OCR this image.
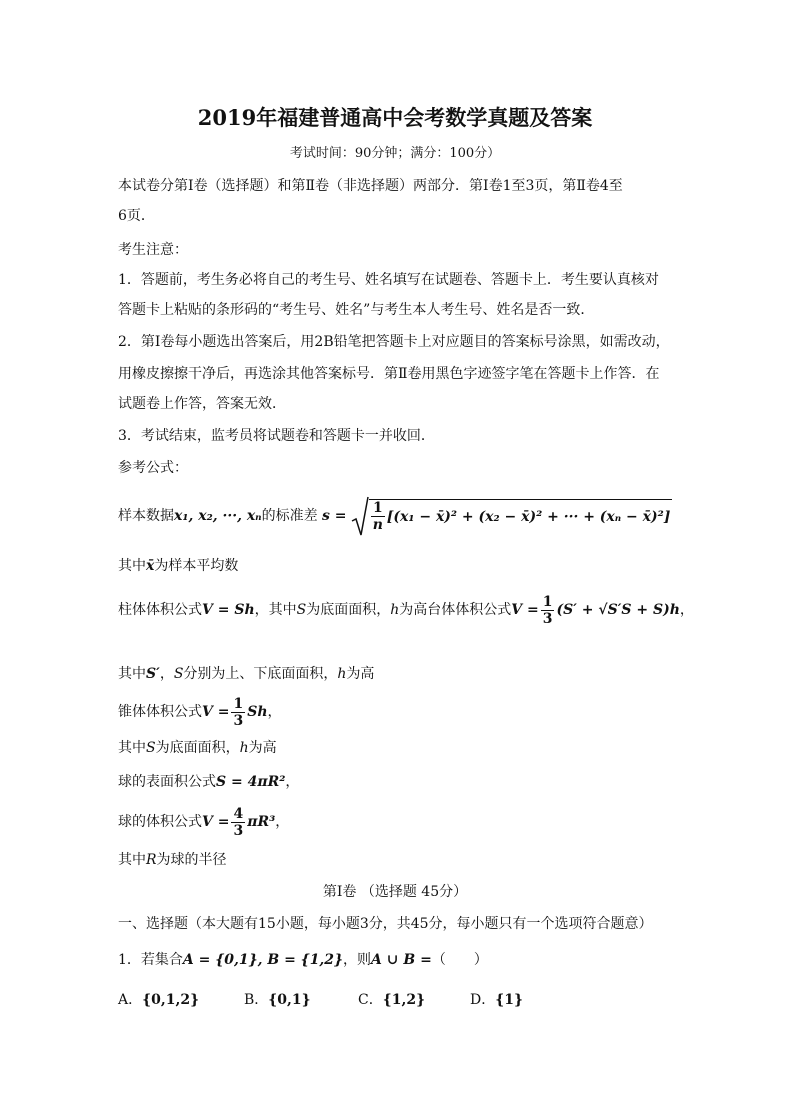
2019年福建普通高中会考数学真题及答案
考试时间：90分钟；满分：100分）
本试卷分第Ⅰ卷（选择题）和第Ⅱ卷（非选择题）两部分．第Ⅰ卷1至3页，第Ⅱ卷4至
6页．
考生注意：
1．答题前，考生务必将自己的考生号、姓名填写在试题卷、答题卡上．考生要认真核对
答题卡上粘贴的条形码的“考生号、姓名”与考生本人考生号、姓名是否一致．
2．第Ⅰ卷每小题选出答案后，用2B铅笔把答题卡上对应题目的答案标号涂黑，如需改动，
用橡皮擦擦干净后，再选涂其他答案标号．第Ⅱ卷用黑色字迹签字笔在答题卡上作答．在
试题卷上作答，答案无效．
3．考试结束，监考员将试题卷和答题卡一并收回．
参考公式：
样本数据x₁, x₂, ···, xₙ的标准差 $s = \frac{1}{n} [(x_1$ − x̄)² + (x₂ − x̄)² + ··· + (xₙ − x̄)²]
其中x̄为样本平均数
柱体体积公式V = Sh，其中S为底面面积，h为高台体体积公式$V = \frac{1}{3} (S' + √S'S + S)h$，
其中S′，S分别为上、下底面面积，h为高
锥体体积公式$V = \frac{1}{3}$ Sh，
其中S为底面面积，h为高
球的表面积公式S = 4πR²，
球的体积公式$V = \frac{4}{3} \pi R^3$，
其中R为球的半径
第Ⅰ卷 （选择题 45分）
一、选择题（本大题有15小题，每小题3分，共45分，每小题只有一个选项符合题意）
1．若集合A = {0,1}, B = {1,2}，则A ∪ B =（　　）
A．{0,1,2}	B．{0,1}	C．{1,2}	D．{1}
